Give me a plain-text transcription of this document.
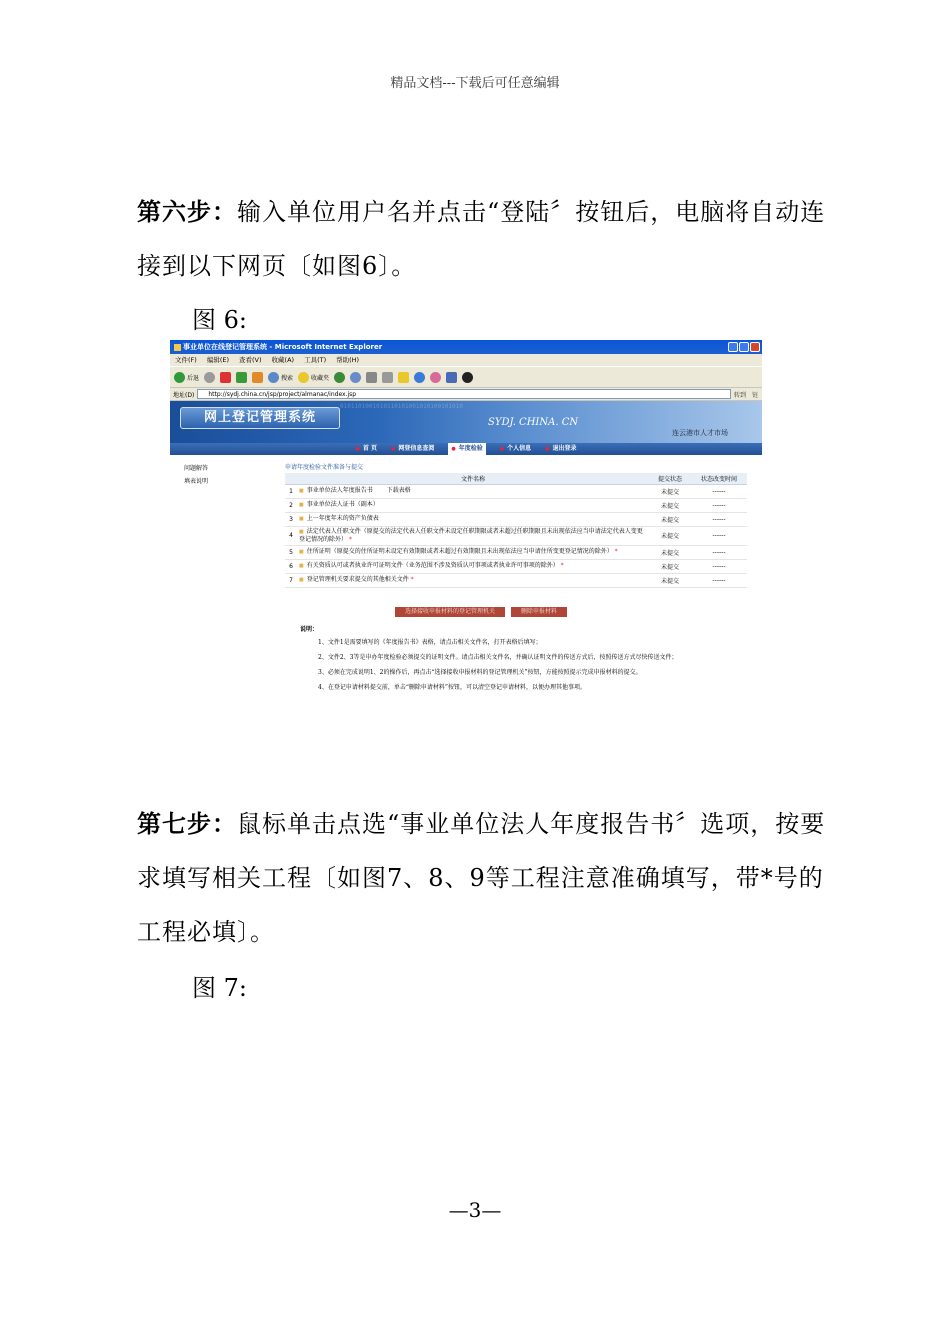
精品文档---下载后可任意编辑
第六步：输入单位用户名并点击“登陆〞按钮后，电脑将自动连接到以下网页〔如图6〕。
图 6:
事业单位在线登记管理系统 - Microsoft Internet Explorer
文件(F) 编辑(E) 查看(V) 收藏(A) 工具(T) 帮助(H)
后退	搜索	收藏夹
地址(D)	http://sydj.china.cn/jsp/project/almanac/index.jsp	转到 链
0101101001010110101001010100101010
网上登记管理系统	SYDJ. CHINA. CN
连云港市人才市场
● 首 页	● 网登信息查阅	● 年度检验	● 个人信息	● 退出登录
问题解答
填表说明
申请年度检验文件准备与提交
	文件名称	提交状态	状态改变时间
1	■ 事业单位法人年度报告书 下载表格	未提交	------
2	■ 事业单位法人证书（副本）	未提交	------
3	■ 上一年度年末的资产负债表	未提交	------
4	■ 法定代表人任职文件（原提交的法定代表人任职文件未设定任职期限或者未超过任职期限且未出现依法应当申请法定代表人变更登记情况的除外） *	未提交	------
5	■ 住所证明（原提交的住所证明未设定有效期限或者未超过有效期限且未出现依法应当申请住所变更登记情况的除外） *	未提交	------
6	■ 有关资质认可或者执业许可证明文件（业务范围不涉及资质认可事项或者执业许可事项的除外） *	未提交	------
7	■ 登记管理机关要求提交的其他相关文件 *	未提交	------
选择接收申报材料的登记管理机关	删除申报材料
说明：

1、文件1是需要填写的《年度报告书》表格，请点击相关文件名，打开表格后填写；

2、文件2、3等是申办年度检验必须提交的证明文件。请点击相关文件名，并确认证明文件的传送方式后，按照传送方式尽快传送文件；

3、必须在完成说明1、2的操作后，再点击“选择接收申报材料的登记管理机关”按钮，方能按照提示完成申报材料的提交。

4、在登记申请材料提交前，单击“删除申请材料”按钮，可以清空登记申请材料，以便办理其他事项。

第七步：鼠标单击点选“事业单位法人年度报告书〞选项，按要求填写相关工程〔如图7、8、9等工程注意准确填写，带*号的工程必填〕。
图 7:
—3—
